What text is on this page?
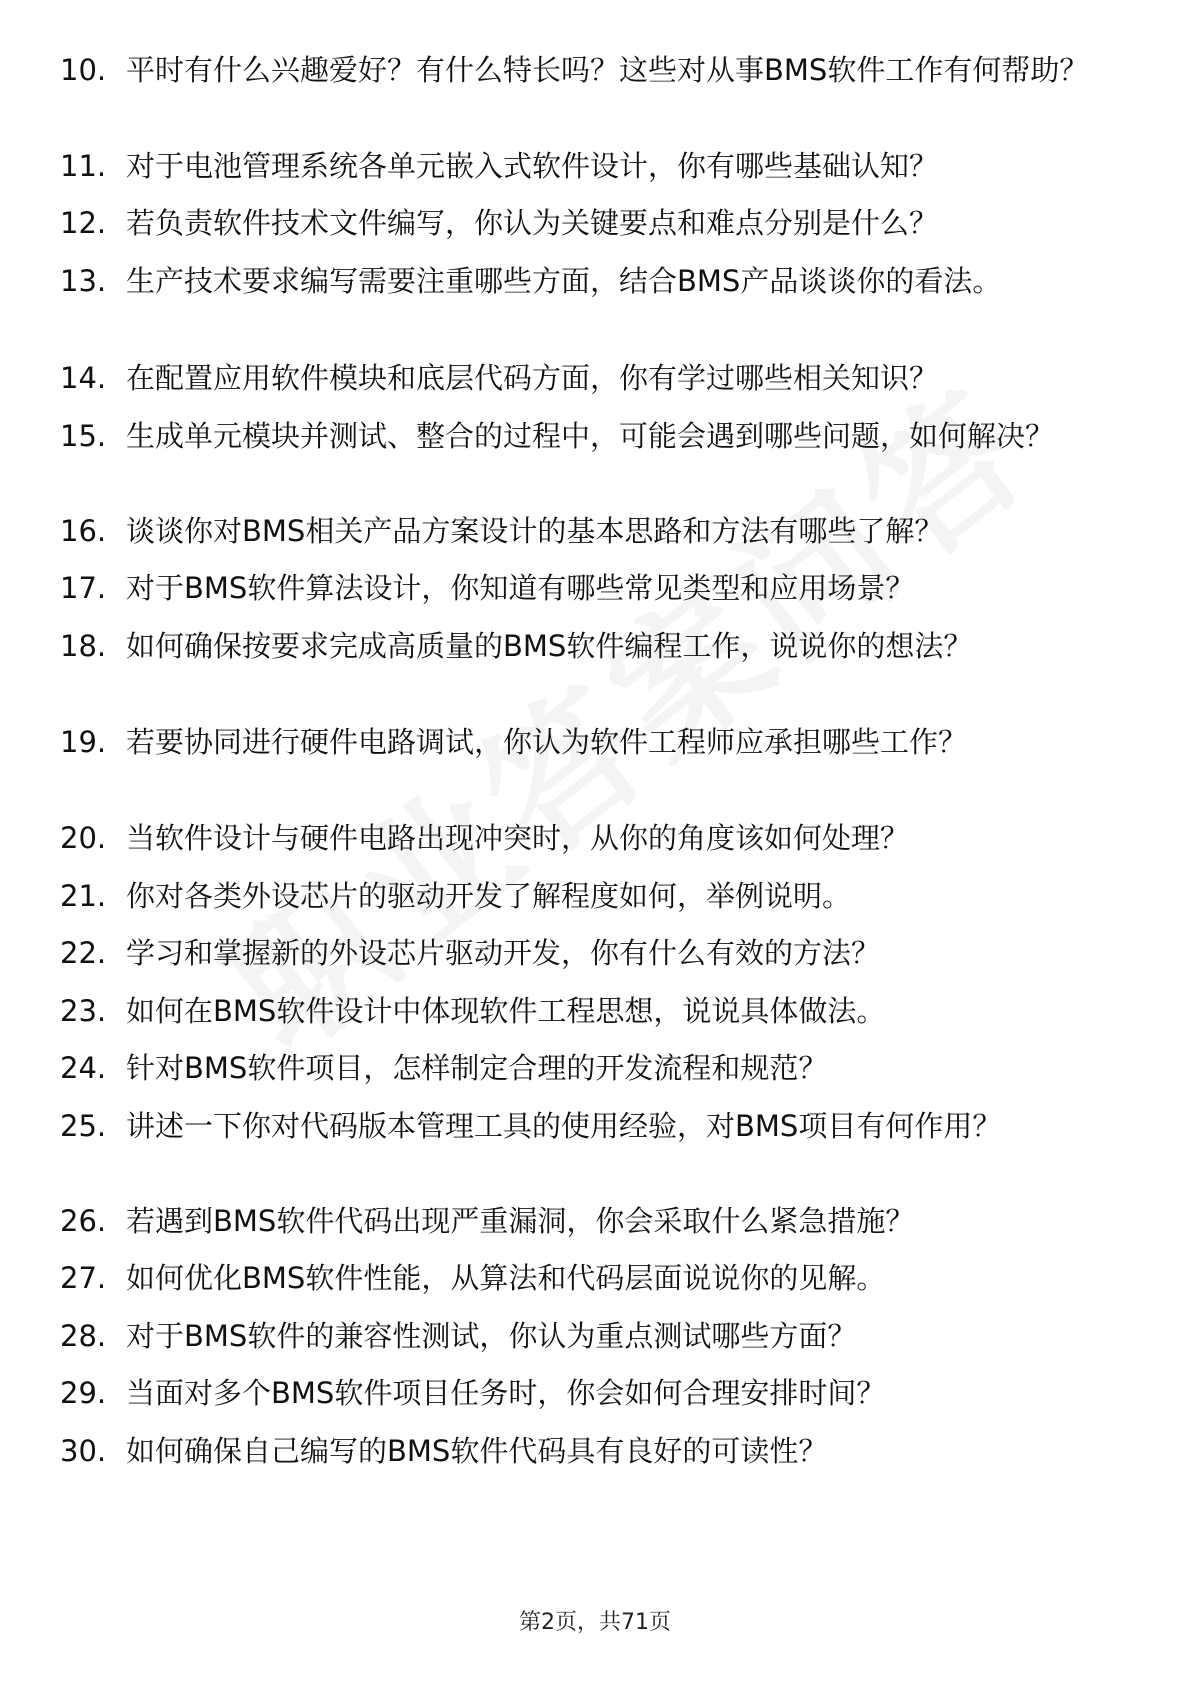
10. 平时有什么兴趣爱好？有什么特长吗？这些对从事BMS软件工作有何帮助？
11. 对于电池管理系统各单元嵌入式软件设计，你有哪些基础认知？
12. 若负责软件技术文件编写，你认为关键要点和难点分别是什么？
13. 生产技术要求编写需要注重哪些方面，结合BMS产品谈谈你的看法。
14. 在配置应用软件模块和底层代码方面，你有学过哪些相关知识？
15. 生成单元模块并测试、整合的过程中，可能会遇到哪些问题，如何解决？
16. 谈谈你对BMS相关产品方案设计的基本思路和方法有哪些了解？
17. 对于BMS软件算法设计，你知道有哪些常见类型和应用场景？
18. 如何确保按要求完成高质量的BMS软件编程工作，说说你的想法？
19. 若要协同进行硬件电路调试，你认为软件工程师应承担哪些工作？
20. 当软件设计与硬件电路出现冲突时，从你的角度该如何处理？
21. 你对各类外设芯片的驱动开发了解程度如何，举例说明。
22. 学习和掌握新的外设芯片驱动开发，你有什么有效的方法？
23. 如何在BMS软件设计中体现软件工程思想，说说具体做法。
24. 针对BMS软件项目，怎样制定合理的开发流程和规范？
25. 讲述一下你对代码版本管理工具的使用经验，对BMS项目有何作用？
26. 若遇到BMS软件代码出现严重漏洞，你会采取什么紧急措施？
27. 如何优化BMS软件性能，从算法和代码层面说说你的见解。
28. 对于BMS软件的兼容性测试，你认为重点测试哪些方面？
29. 当面对多个BMS软件项目任务时，你会如何合理安排时间？
30. 如何确保自己编写的BMS软件代码具有良好的可读性？
第2页，共71页
